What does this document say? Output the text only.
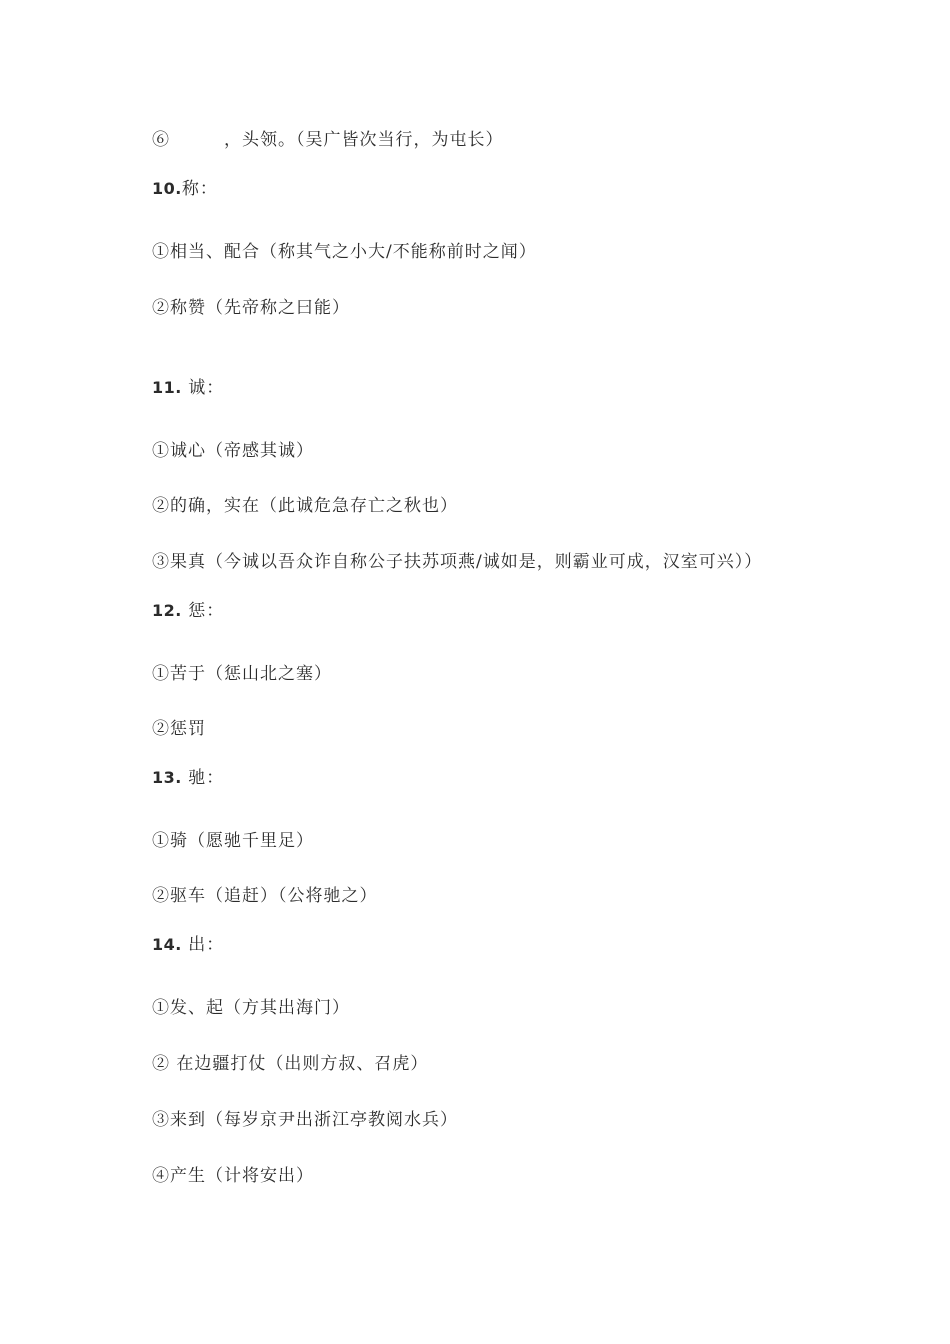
⑥　　　，头领。（吴广皆次当行，为屯长）
10.称：
①相当、配合（称其气之小大/不能称前时之闻）
②称赞（先帝称之曰能）
11. 诚：
①诚心（帝感其诚）
②的确，实在（此诚危急存亡之秋也）
③果真（今诚以吾众诈自称公子扶苏项燕/诚如是，则霸业可成，汉室可兴））
12. 惩：
①苦于（惩山北之塞）
②惩罚
13. 驰：
①骑（愿驰千里足）
②驱车（追赶）（公将驰之）
14. 出：
①发、起（方其出海门）
② 在边疆打仗（出则方叔、召虎）
③来到（每岁京尹出浙江亭教阅水兵）
④产生（计将安出）
